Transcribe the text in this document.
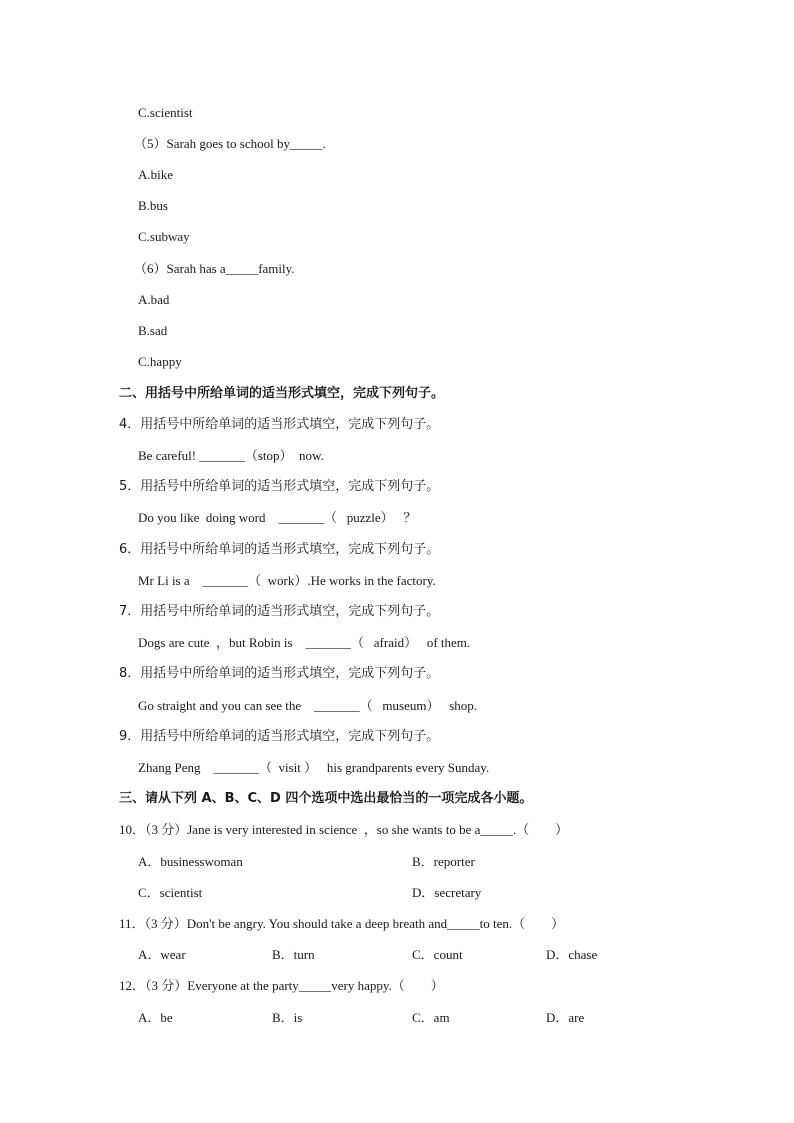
C.scientist
（5）Sarah goes to school by_____.
A.bike
B.bus
C.subway
（6）Sarah has a_____family.
A.bad
B.sad
C.happy
二、用括号中所给单词的适当形式填空，完成下列句子。
4．用括号中所给单词的适当形式填空，完成下列句子。
Be careful! _______（stop）  now.
5．用括号中所给单词的适当形式填空，完成下列句子。
Do you like  doing word    _______（   puzzle）   ？
6．用括号中所给单词的适当形式填空，完成下列句子。
Mr Li is a    _______（  work）.He works in the factory.
7．用括号中所给单词的适当形式填空，完成下列句子。
Dogs are cute  ，but Robin is    _______（   afraid）   of them.
8．用括号中所给单词的适当形式填空，完成下列句子。
Go straight and you can see the    _______（   museum）   shop.
9．用括号中所给单词的适当形式填空，完成下列句子。
Zhang Peng    _______（  visit ）   his grandparents every Sunday.
三、请从下列 A、B、C、D 四个选项中选出最恰当的一项完成各小题。
10．（3 分）Jane is very interested in science  ，so she wants to be a_____.（        ）
A．businesswoman	B．reporter
C．scientist	D．secretary
11．（3 分）Don't be angry. You should take a deep breath and_____to ten.（        ）
A．wear	B．turn	C．count	D．chase
12．（3 分）Everyone at the party_____very happy.（        ）
A．be	B．is	C．am	D．are
